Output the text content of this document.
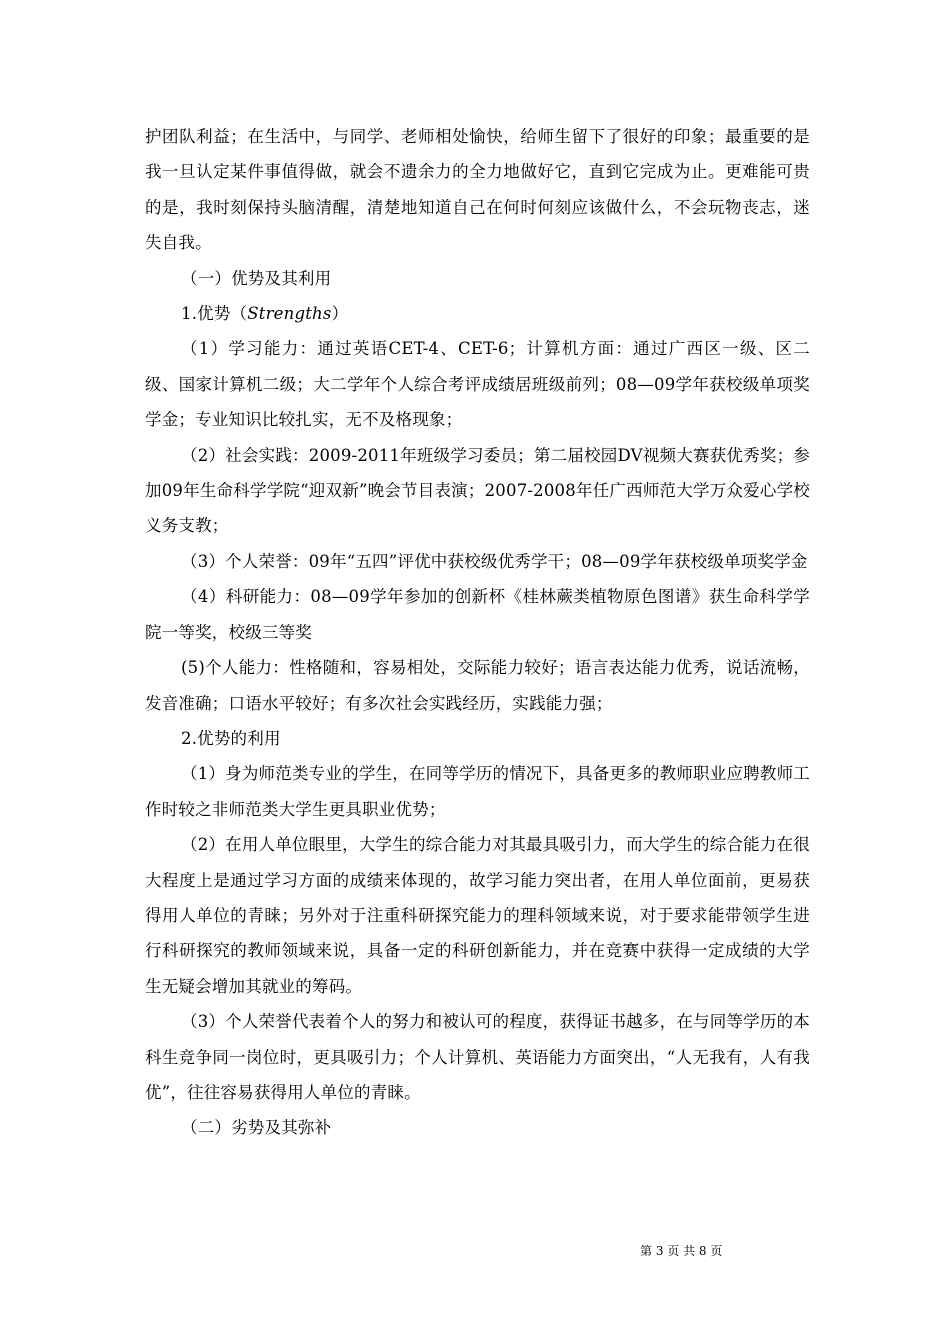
护团队利益；在生活中，与同学、老师相处愉快，给师生留下了很好的印象；最重要的是我一旦认定某件事值得做，就会不遗余力的全力地做好它，直到它完成为止。更难能可贵的是，我时刻保持头脑清醒，清楚地知道自己在何时何刻应该做什么，不会玩物丧志，迷失自我。

（一）优势及其利用

1.优势（Strengths）

（1）学习能力：通过英语CET-4、CET-6；计算机方面：通过广西区一级、区二级、国家计算机二级；大二学年个人综合考评成绩居班级前列；08—09学年获校级单项奖学金；专业知识比较扎实，无不及格现象；

（2）社会实践：2009-2011年班级学习委员；第二届校园DV视频大赛获优秀奖；参加09年生命科学学院“迎双新”晚会节目表演；2007-2008年任广西师范大学万众爱心学校义务支教；

（3）个人荣誉：09年“五四”评优中获校级优秀学干；08—09学年获校级单项奖学金

（4）科研能力：08—09学年参加的创新杯《桂林蕨类植物原色图谱》获生命科学学院一等奖，校级三等奖

(5)个人能力：性格随和，容易相处，交际能力较好；语言表达能力优秀，说话流畅，发音准确；口语水平较好；有多次社会实践经历，实践能力强；

2.优势的利用

（1）身为师范类专业的学生，在同等学历的情况下，具备更多的教师职业应聘教师工作时较之非师范类大学生更具职业优势；

（2）在用人单位眼里，大学生的综合能力对其最具吸引力，而大学生的综合能力在很大程度上是通过学习方面的成绩来体现的，故学习能力突出者，在用人单位面前，更易获得用人单位的青睐；另外对于注重科研探究能力的理科领域来说，对于要求能带领学生进行科研探究的教师领域来说，具备一定的科研创新能力，并在竞赛中获得一定成绩的大学生无疑会增加其就业的筹码。

（3）个人荣誉代表着个人的努力和被认可的程度，获得证书越多，在与同等学历的本科生竞争同一岗位时，更具吸引力；个人计算机、英语能力方面突出，“人无我有，人有我优”，往往容易获得用人单位的青睐。

（二）劣势及其弥补

第 3 页 共 8 页
